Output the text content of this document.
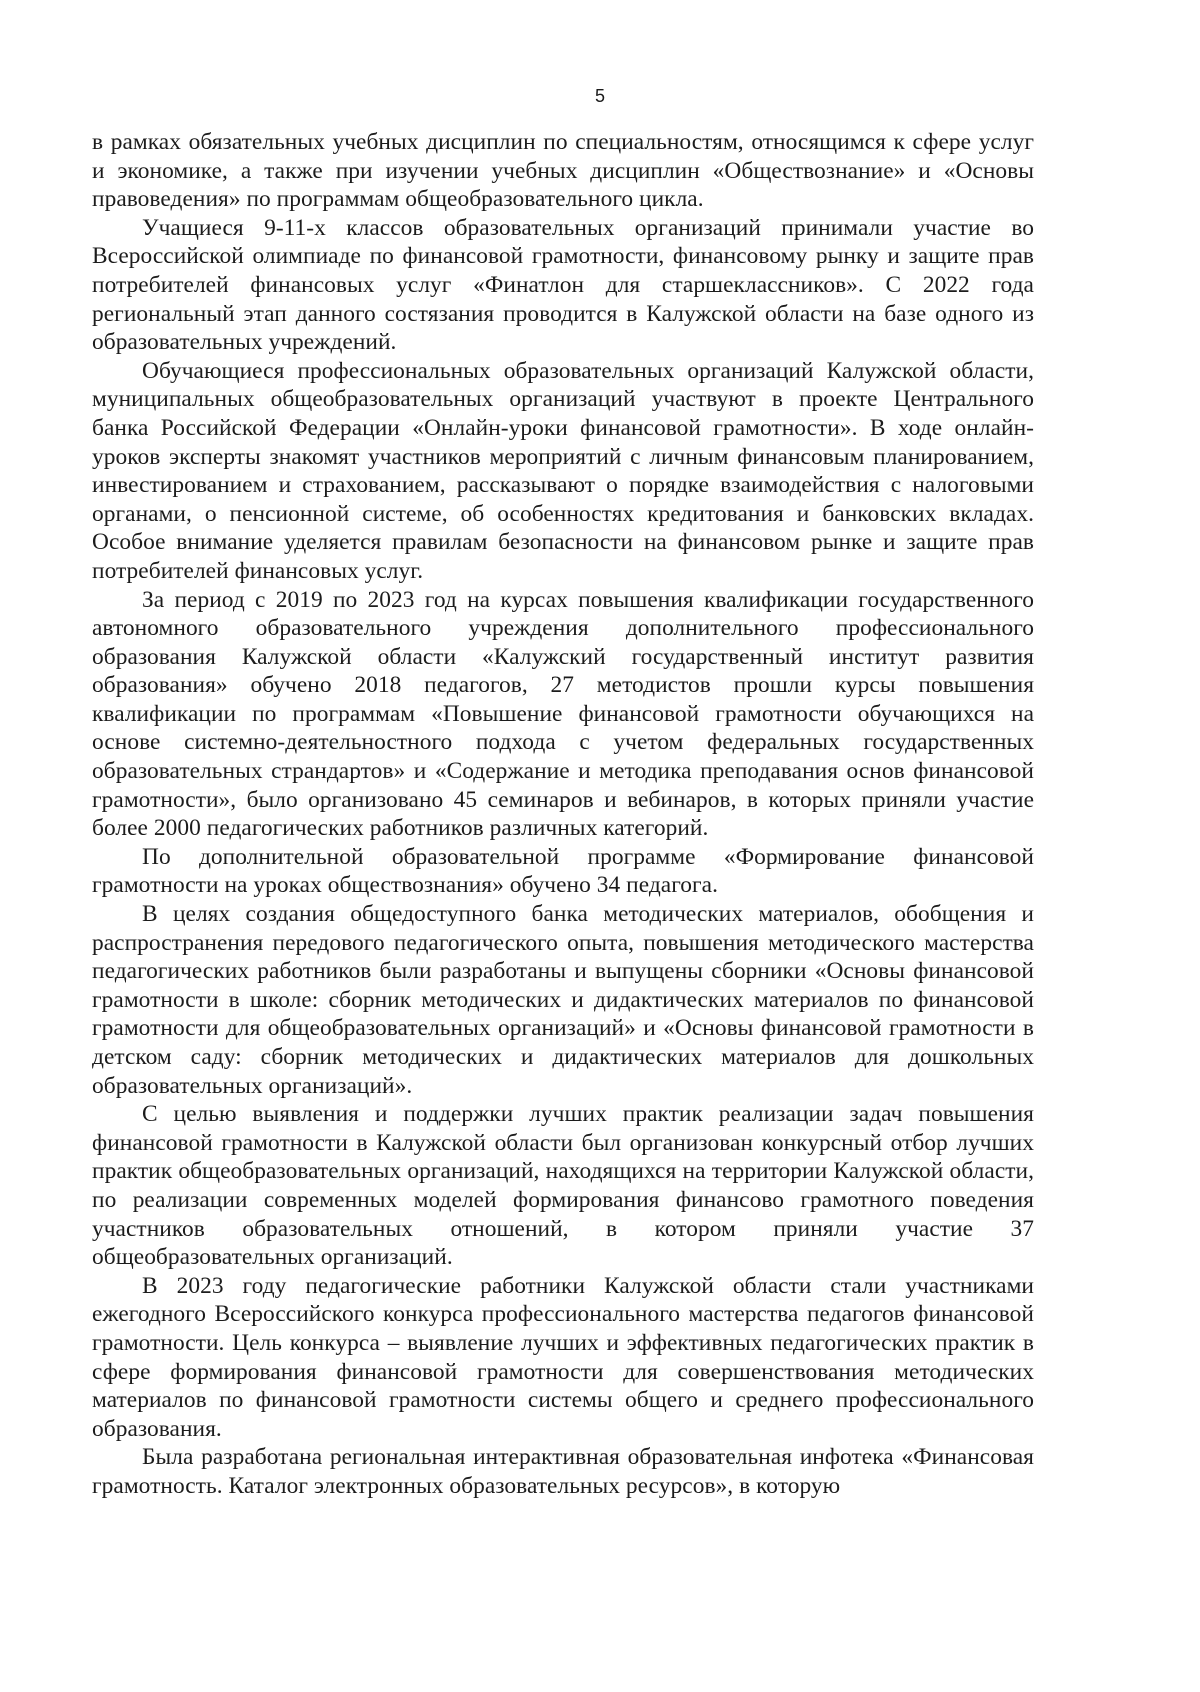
5

в рамках обязательных учебных дисциплин по специальностям, относящимся к сфере услуг и экономике, а также при изучении учебных дисциплин «Обществознание» и «Основы правоведения» по программам общеобразовательного цикла.

Учащиеся 9-11-х классов образовательных организаций принимали участие во Всероссийской олимпиаде по финансовой грамотности, финансовому рынку и защите прав потребителей финансовых услуг «Финатлон для старшеклассников». С 2022 года региональный этап данного состязания проводится в Калужской области на базе одного из образовательных учреждений.

Обучающиеся профессиональных образовательных организаций Калужской области, муниципальных общеобразовательных организаций участвуют в проекте Центрального банка Российской Федерации «Онлайн-уроки финансовой грамотности». В ходе онлайн-уроков эксперты знакомят участников мероприятий с личным финансовым планированием, инвестированием и страхованием, рассказывают о порядке взаимодействия с налоговыми органами, о пенсионной системе, об особенностях кредитования и банковских вкладах. Особое внимание уделяется правилам безопасности на финансовом рынке и защите прав потребителей финансовых услуг.

За период с 2019 по 2023 год на курсах повышения квалификации государственного автономного образовательного учреждения дополнительного профессионального образования Калужской области «Калужский государственный институт развития образования» обучено 2018 педагогов, 27 методистов прошли курсы повышения квалификации по программам «Повышение финансовой грамотности обучающихся на основе системно-деятельностного подхода с учетом федеральных государственных образовательных страндартов» и «Содержание и методика преподавания основ финансовой грамотности», было организовано 45 семинаров и вебинаров, в которых приняли участие более 2000 педагогических работников различных категорий.

По дополнительной образовательной программе «Формирование финансовой грамотности на уроках обществознания» обучено 34 педагога.

В целях создания общедоступного банка методических материалов, обобщения и распространения передового педагогического опыта, повышения методического мастерства педагогических работников были разработаны и выпущены сборники «Основы финансовой грамотности в школе: сборник методических и дидактических материалов по финансовой грамотности для общеобразовательных организаций» и «Основы финансовой грамотности в детском саду: сборник методических и дидактических материалов для дошкольных образовательных организаций».

С целью выявления и поддержки лучших практик реализации задач повышения финансовой грамотности в Калужской области был организован конкурсный отбор лучших практик общеобразовательных организаций, находящихся на территории Калужской области, по реализации современных моделей формирования финансово грамотного поведения участников образовательных отношений, в котором приняли участие 37 общеобразовательных организаций.

В 2023 году педагогические работники Калужской области стали участниками ежегодного Всероссийского конкурса профессионального мастерства педагогов финансовой грамотности. Цель конкурса – выявление лучших и эффективных педагогических практик в сфере формирования финансовой грамотности для совершенствования методических материалов по финансовой грамотности системы общего и среднего профессионального образования.

Была разработана региональная интерактивная образовательная инфотека «Финансовая грамотность. Каталог электронных образовательных ресурсов», в которую
